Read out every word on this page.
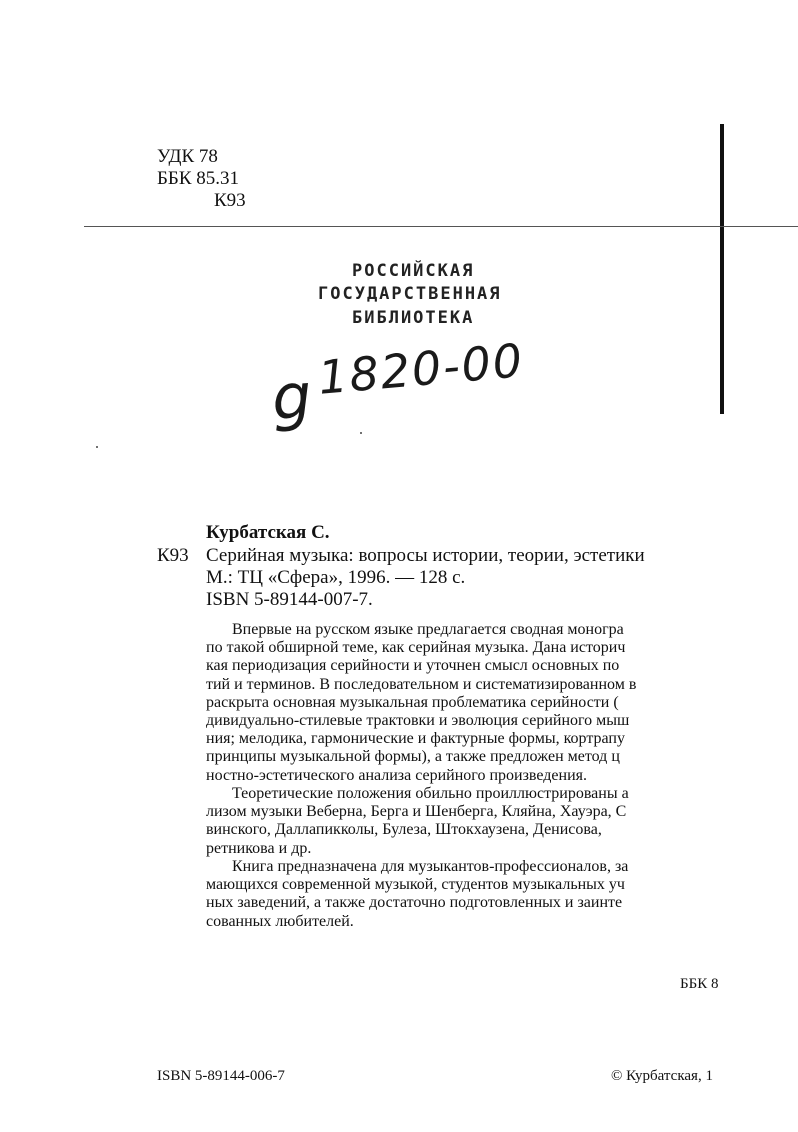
УДК 78
ББК 85.31
К93
РОССИЙСКАЯ
ГОСУДАРСТВЕННАЯ
БИБЛИОТЕКА
g 1820-00
Курбатская С.
К93 Серийная музыка: вопросы истории, теории, эстетики
М.: ТЦ «Сфера», 1996. — 128 с.
ISBN 5-89144-007-7.
Впервые на русском языке предлагается сводная моногра
по такой обширной теме, как серийная музыка. Дана историч
кая периодизация серийности и уточнен смысл основных по
тий и терминов. В последовательном и систематизированном в
раскрыта основная музыкальная проблематика серийности (
дивидуально-стилевые трактовки и эволюция серийного мыш
ния; мелодика, гармонические и фактурные формы, кортрапу
принципы музыкальной формы), а также предложен метод ц
ностно-эстетического анализа серийного произведения.
Теоретические положения обильно проиллюстрированы а
лизом музыки Веберна, Берга и Шенберга, Кляйна, Хауэра, С
винского, Даллапикколы, Булеза, Штокхаузена, Денисова,
ретникова и др.
Книга предназначена для музыкантов-профессионалов, за
мающихся современной музыкой, студентов музыкальных уч
ных заведений, а также достаточно подготовленных и заинте
сованных любителей.
ББК 8
ISBN 5-89144-006-7	© Курбатская, 1
